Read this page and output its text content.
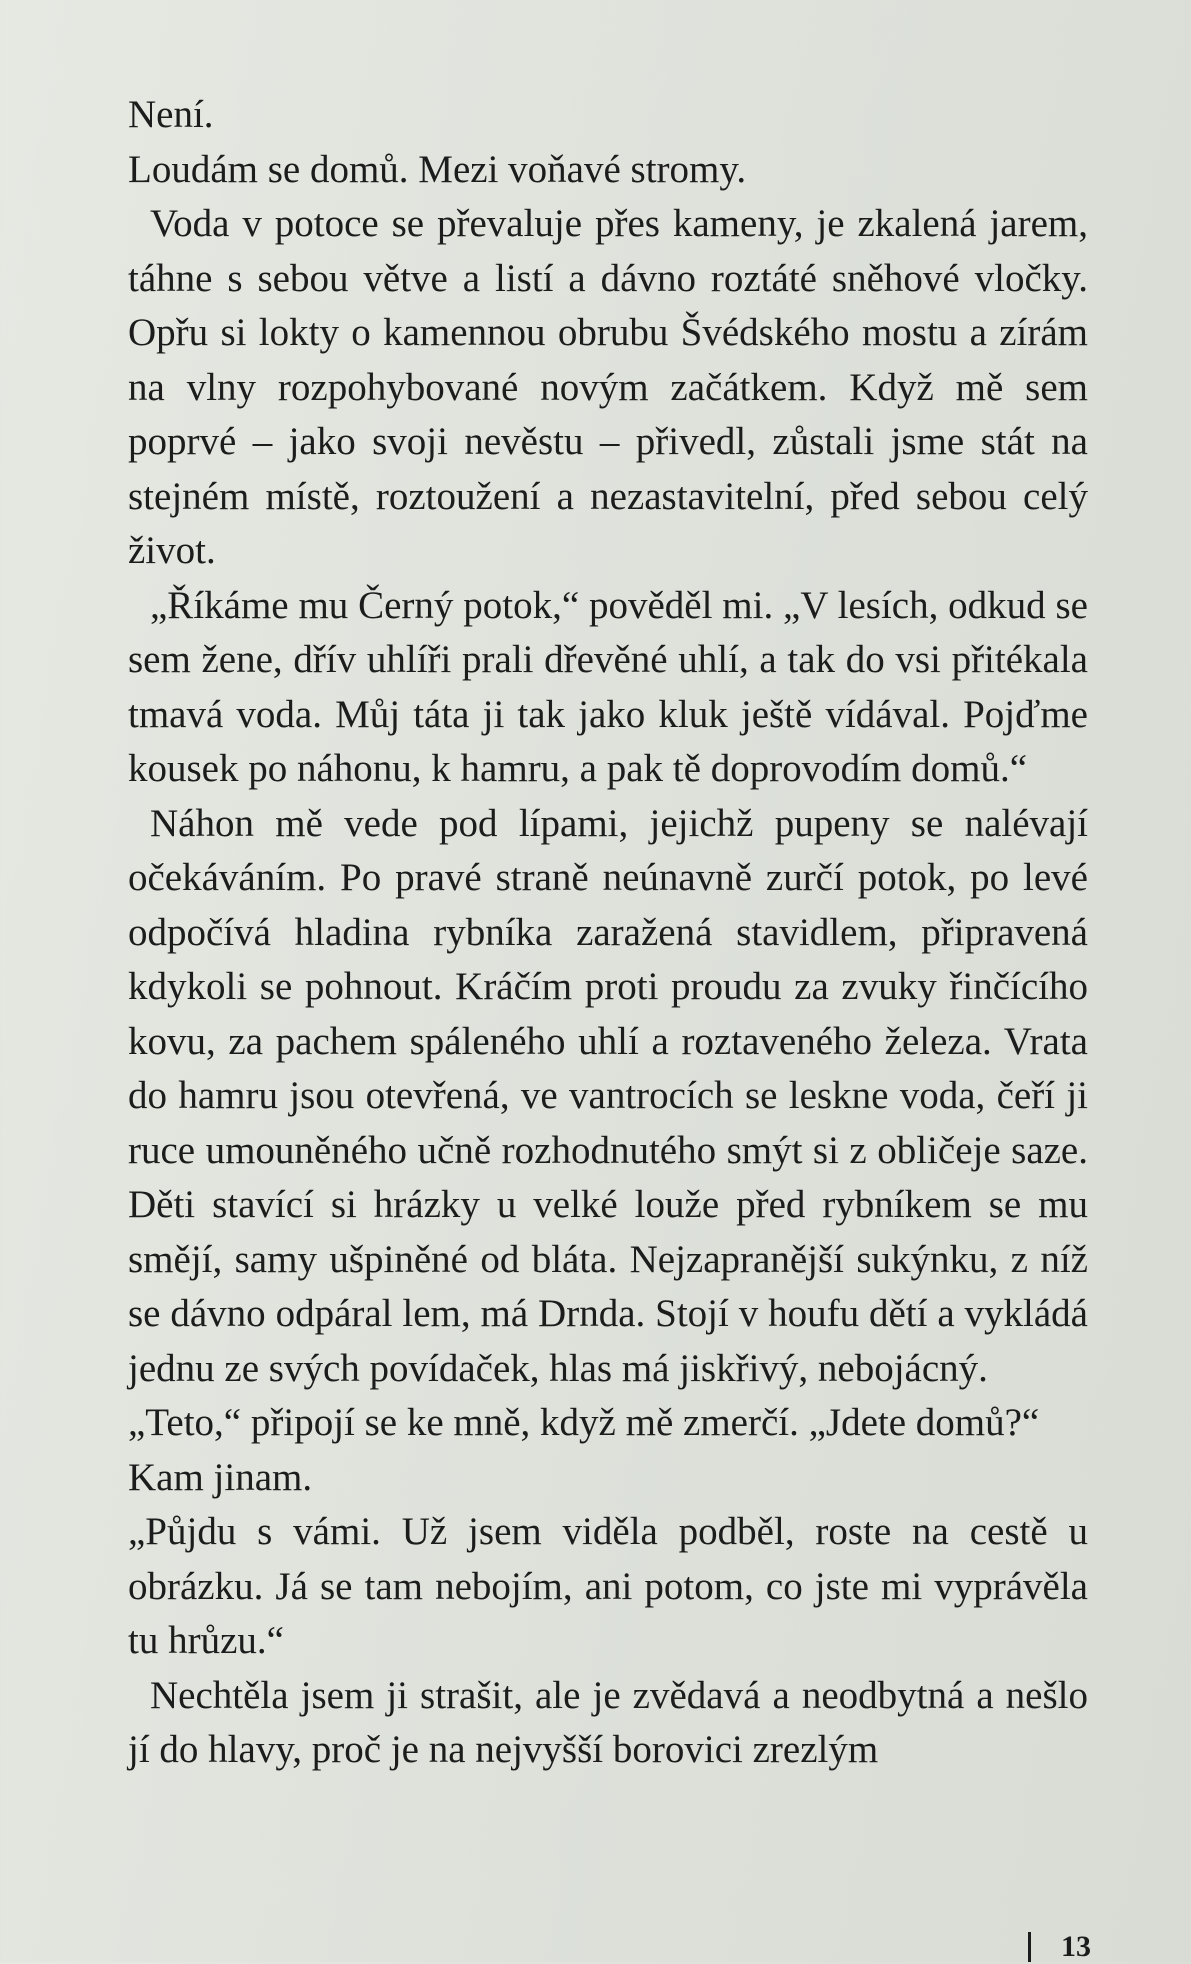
Není.

Loudám se domů. Mezi voňavé stromy.

Voda v potoce se převaluje přes kameny, je zkalená jarem, táhne s sebou větve a listí a dávno roztáté sněhové vločky. Opřu si lokty o kamennou obrubu Švédského mostu a zírám na vlny rozpohybované novým začátkem. Když mě sem poprvé – jako svoji nevěstu – přivedl, zůstali jsme stát na stejném místě, roztoužení a nezastavitelní, před sebou celý život.

„Říkáme mu Černý potok,“ pověděl mi. „V lesích, odkud se sem žene, dřív uhlíři prali dřevěné uhlí, a tak do vsi přitékala tmavá voda. Můj táta ji tak jako kluk ještě vídával. Pojďme kousek po náhonu, k hamru, a pak tě doprovodím domů.“

Náhon mě vede pod lípami, jejichž pupeny se nalévají očekáváním. Po pravé straně neúnavně zurčí potok, po levé odpočívá hladina rybníka zaražená stavidlem, připravená kdykoli se pohnout. Kráčím proti proudu za zvuky řinčícího kovu, za pachem spáleného uhlí a roztaveného železa. Vrata do hamru jsou otevřená, ve vantrocích se leskne voda, čeří ji ruce umouněného učně rozhodnutého smýt si z obličeje saze. Děti stavící si hrázky u velké louže před rybníkem se mu smějí, samy ušpiněné od bláta. Nejzapranější sukýnku, z níž se dávno odpáral lem, má Drnda. Stojí v houfu dětí a vykládá jednu ze svých povídaček, hlas má jiskřivý, nebojácný.

„Teto,“ připojí se ke mně, když mě zmerčí. „Jdete domů?“

Kam jinam.

„Půjdu s vámi. Už jsem viděla podběl, roste na cestě u obrázku. Já se tam nebojím, ani potom, co jste mi vyprávěla tu hrůzu.“

Nechtěla jsem ji strašit, ale je zvědavá a neodbytná a nešlo jí do hlavy, proč je na nejvyšší borovici zrezlým

13
